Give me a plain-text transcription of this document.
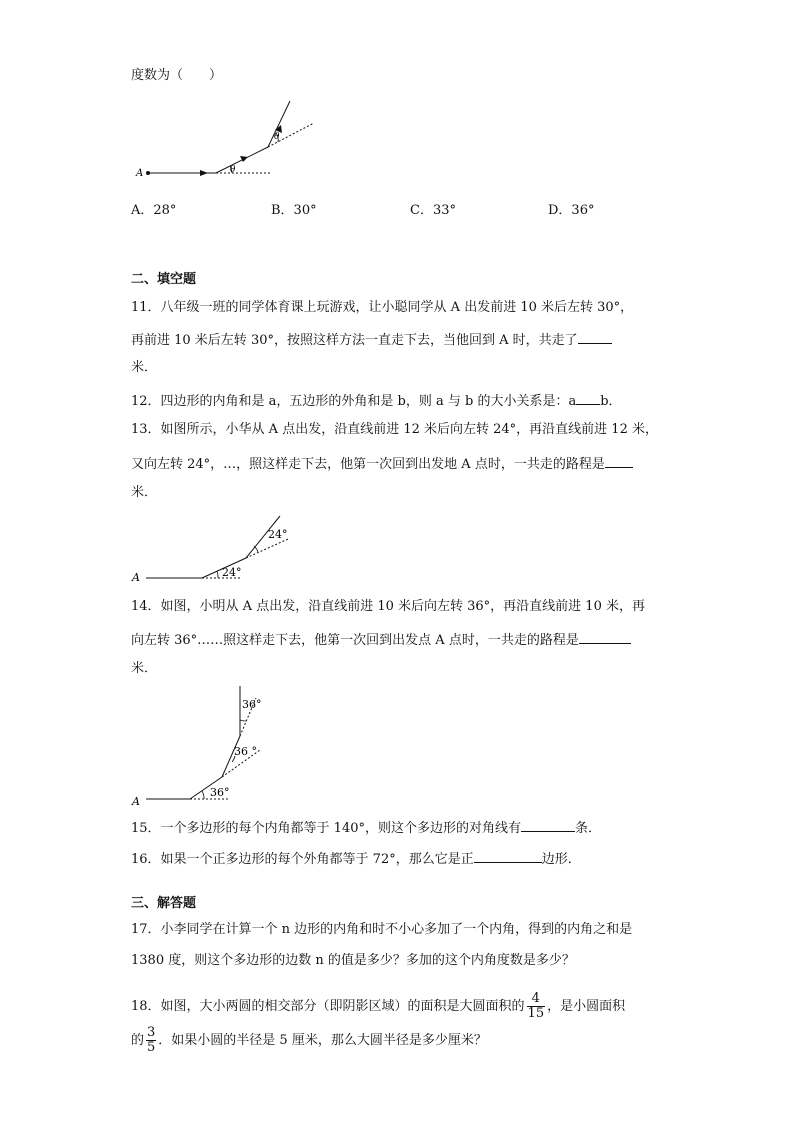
度数为（　　）
A	θ
θ
A．28°	B．30°	C．33°	D．36°
二、填空题
11．八年级一班的同学体育课上玩游戏，让小聪同学从 A 出发前进 10 米后左转 30°，
再前进 10 米后左转 30°，按照这样方法一直走下去，当他回到 A 时，共走了
米．
12．四边形的内角和是 a，五边形的外角和是 b，则 a 与 b 的大小关系是：a b．
13．如图所示，小华从 A 点出发，沿直线前进 12 米后向左转 24°，再沿直线前进 12 米，
又向左转 24°，…，照这样走下去，他第一次回到出发地 A 点时，一共走的路程是
米．
A	24°
24°
14．如图，小明从 A 点出发，沿直线前进 10 米后向左转 36°，再沿直线前进 10 米，再
向左转 36°……照这样走下去，他第一次回到出发点 A 点时，一共走的路程是
米．
A
36°
36 °
36°
15．一个多边形的每个内角都等于 140°，则这个多边形的对角线有	条．
16．如果一个正多边形的每个外角都等于 72°，那么它是正	边形．
三、解答题
17．小李同学在计算一个 n 边形的内角和时不小心多加了一个内角，得到的内角之和是
1380 度，则这个多边形的边数 n 的值是多少？多加的这个内角度数是多少？
18．如图，大小两圆的相交部分（即阴影区域）的面积是大圆面积的 $\frac{4}{15}$ ，是小圆面积
的 $\frac{3}{5}$ ．如果小圆的半径是 5 厘米，那么大圆半径是多少厘米？
